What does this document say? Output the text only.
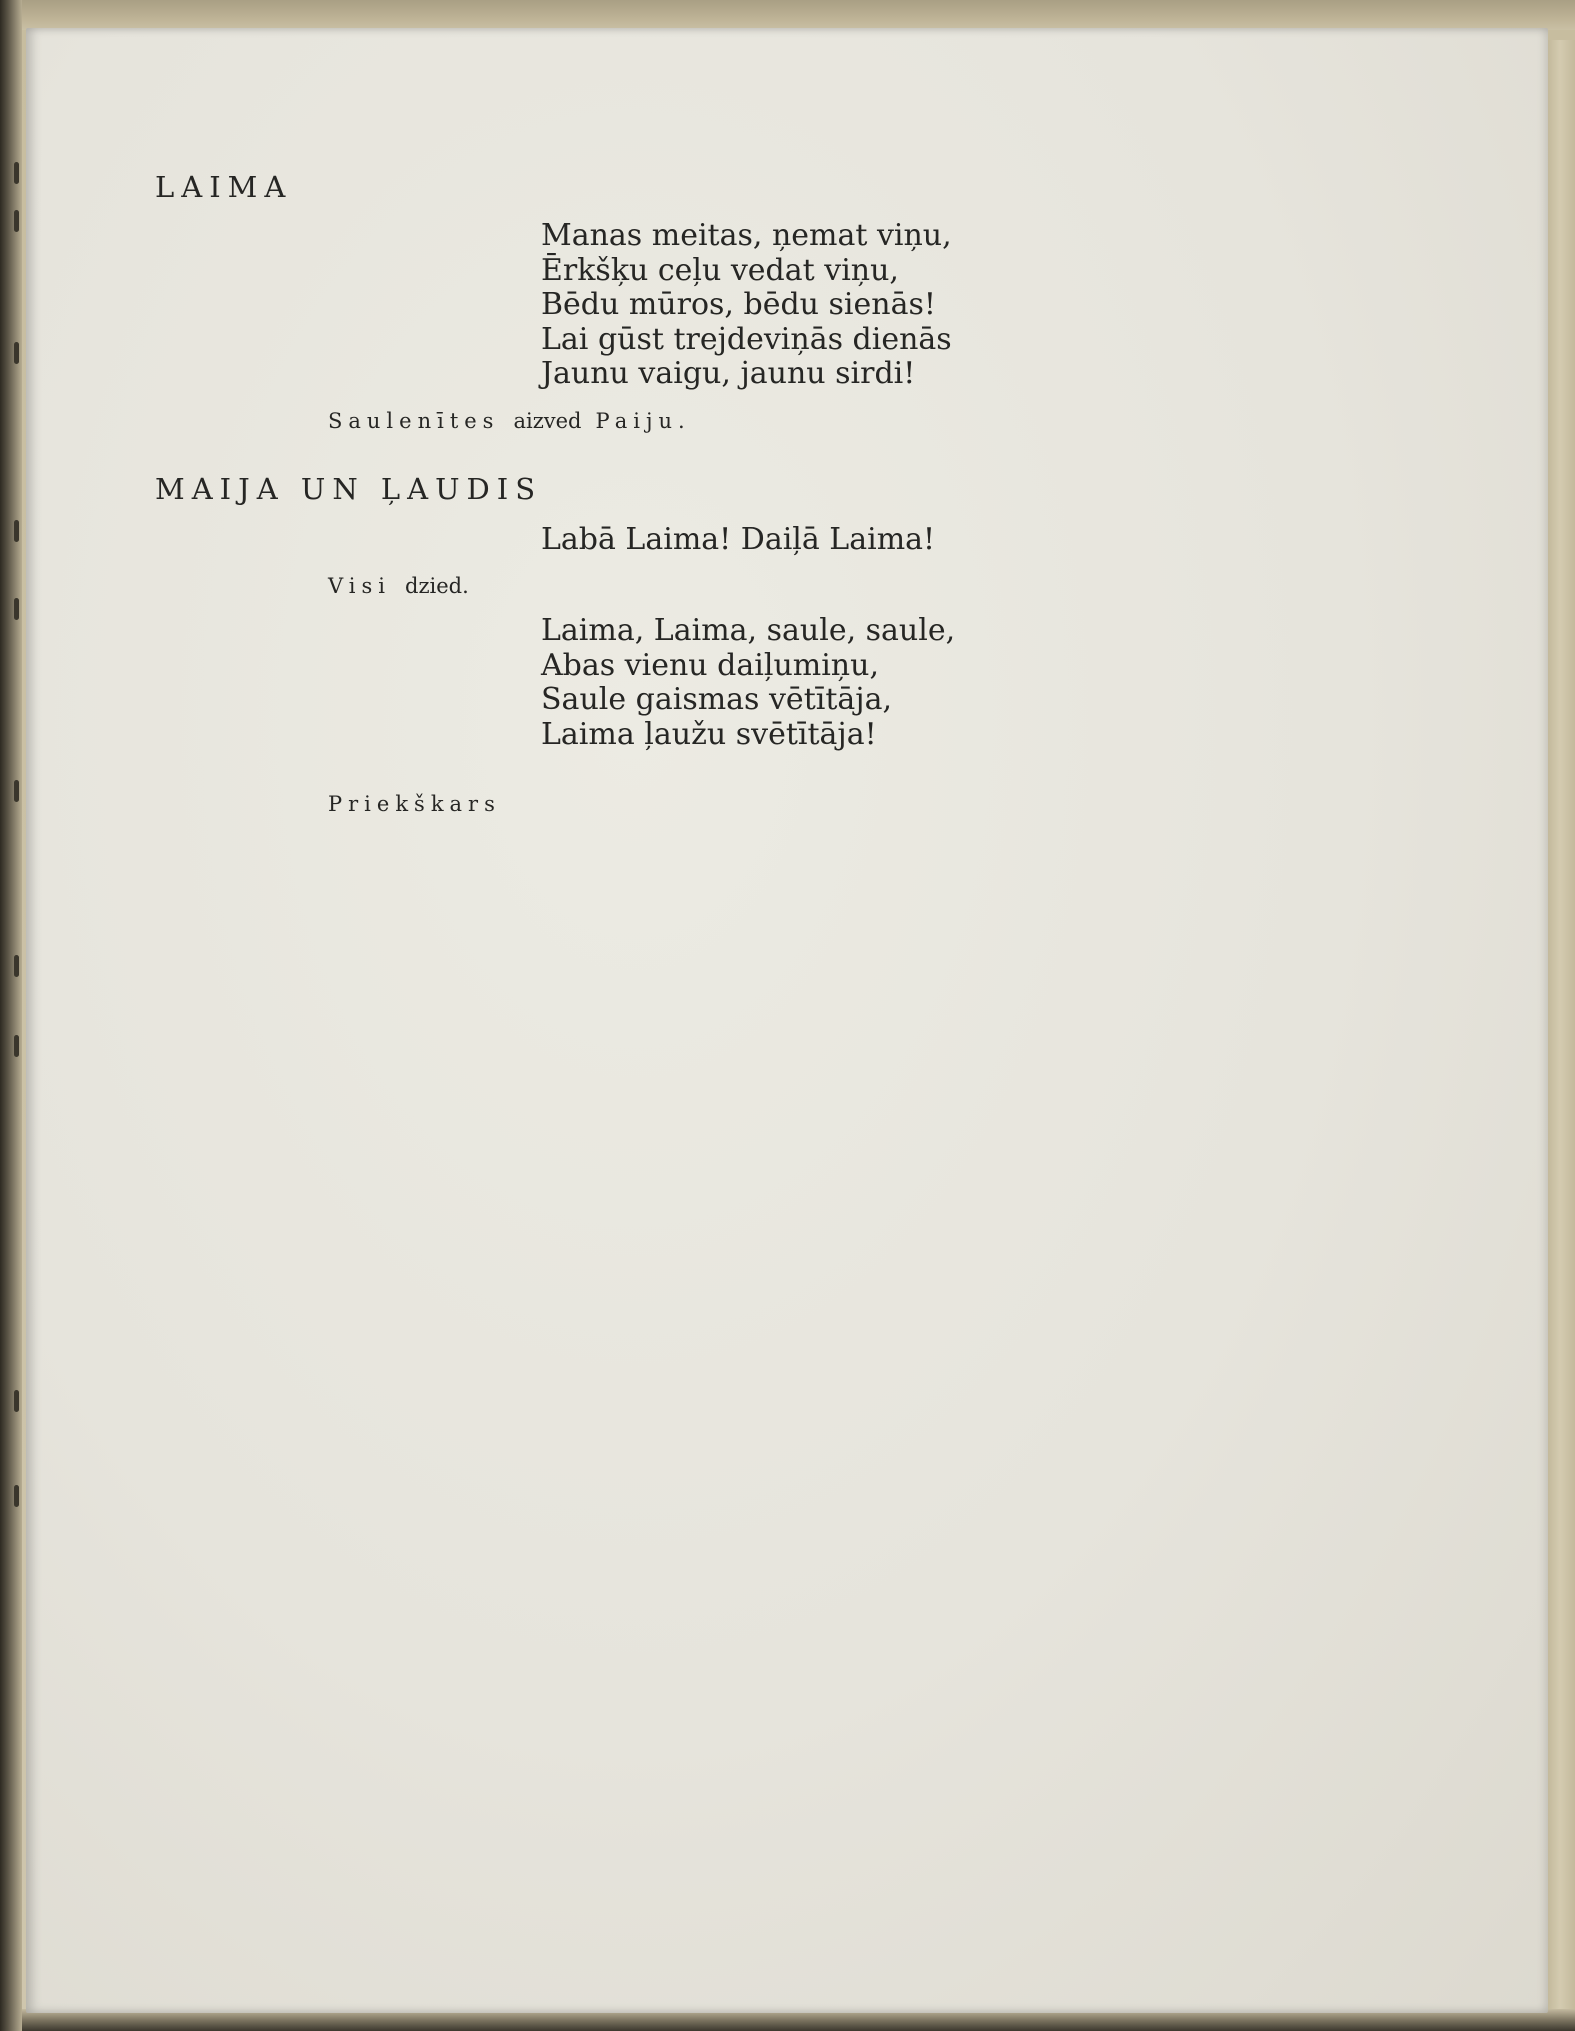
LAIMA
Manas meitas, ņemat viņu,
Ērkšķu ceļu vedat viņu,
Bēdu mūros, bēdu sienās!
Lai gūst trejdeviņās dienās
Jaunu vaigu, jaunu sirdi!
Saulenītes aizved Paiju.
MAIJA UN ĻAUDIS
Labā Laima! Daiļā Laima!
Visi dzied.
Laima, Laima, saule, saule,
Abas vienu daiļumiņu,
Saule gaismas vētītāja,
Laima ļaužu svētītāja!
Priekškars
